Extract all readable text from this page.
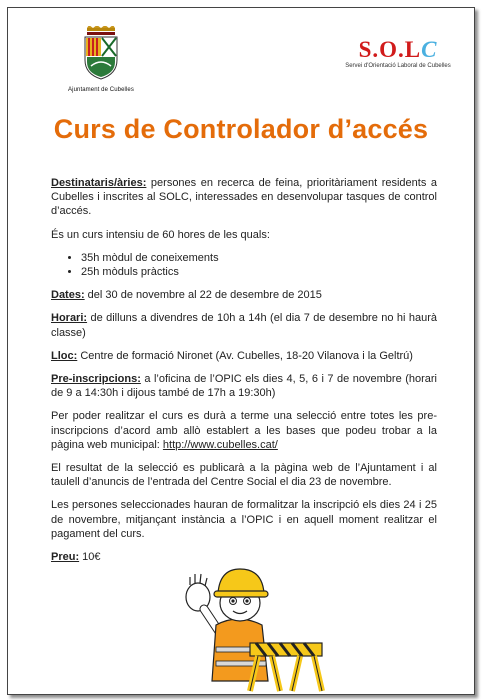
Ajuntament de Cubelles
S.O.LC
Servei d'Orientació Laboral de Cubelles
Curs de Controlador d’accés

Destinataris/àries: persones en recerca de feina, prioritàriament residents a Cubelles i inscrites al SOLC, interessades en desenvolupar tasques de control d’accés.

És un curs intensiu de 60 hores de les quals:

• 35h mòdul de coneixements
• 25h mòduls pràctics

Dates: del 30 de novembre al 22 de desembre de 2015

Horari: de dilluns a divendres de 10h a 14h (el dia 7 de desembre no hi haurà classe)

Lloc: Centre de formació Nironet (Av. Cubelles, 18-20 Vilanova i la Geltrú)

Pre-inscripcions: a l’oficina de l’OPIC els dies 4, 5, 6 i 7 de novembre (horari de 9 a 14:30h i dijous també de 17h a 19:30h)

Per poder realitzar el curs es durà a terme una selecció entre totes les pre-inscripcions d’acord amb allò establert a les bases que podeu trobar a la pàgina web municipal: http://www.cubelles.cat/

El resultat de la selecció es publicarà a la pàgina web de l’Ajuntament i al taulell d’anuncis de l’entrada del Centre Social el dia 23 de novembre.

Les persones seleccionades hauran de formalitzar la inscripció els dies 24 i 25 de novembre, mitjançant instància a l’OPIC i en aquell moment realitzar el pagament del curs.

Preu: 10€
